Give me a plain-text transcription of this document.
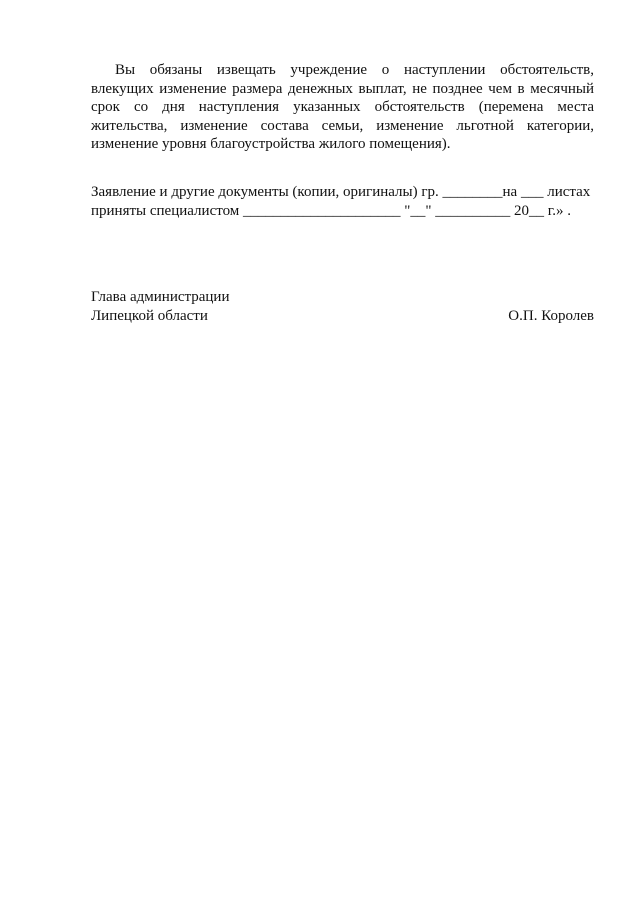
Вы обязаны извещать учреждение о наступлении обстоятельств, влекущих изменение размера денежных выплат, не позднее чем в месячный срок со дня наступления указанных обстоятельств (перемена места жительства, изменение состава семьи, изменение льготной категории, изменение уровня благоустройства жилого помещения).
Заявление и другие документы (копии, оригиналы) гр. ________на ___ листах
приняты специалистом _____________________ "__" __________ 20__ г.» .
Глава администрации
Липецкой области	О.П. Королев
